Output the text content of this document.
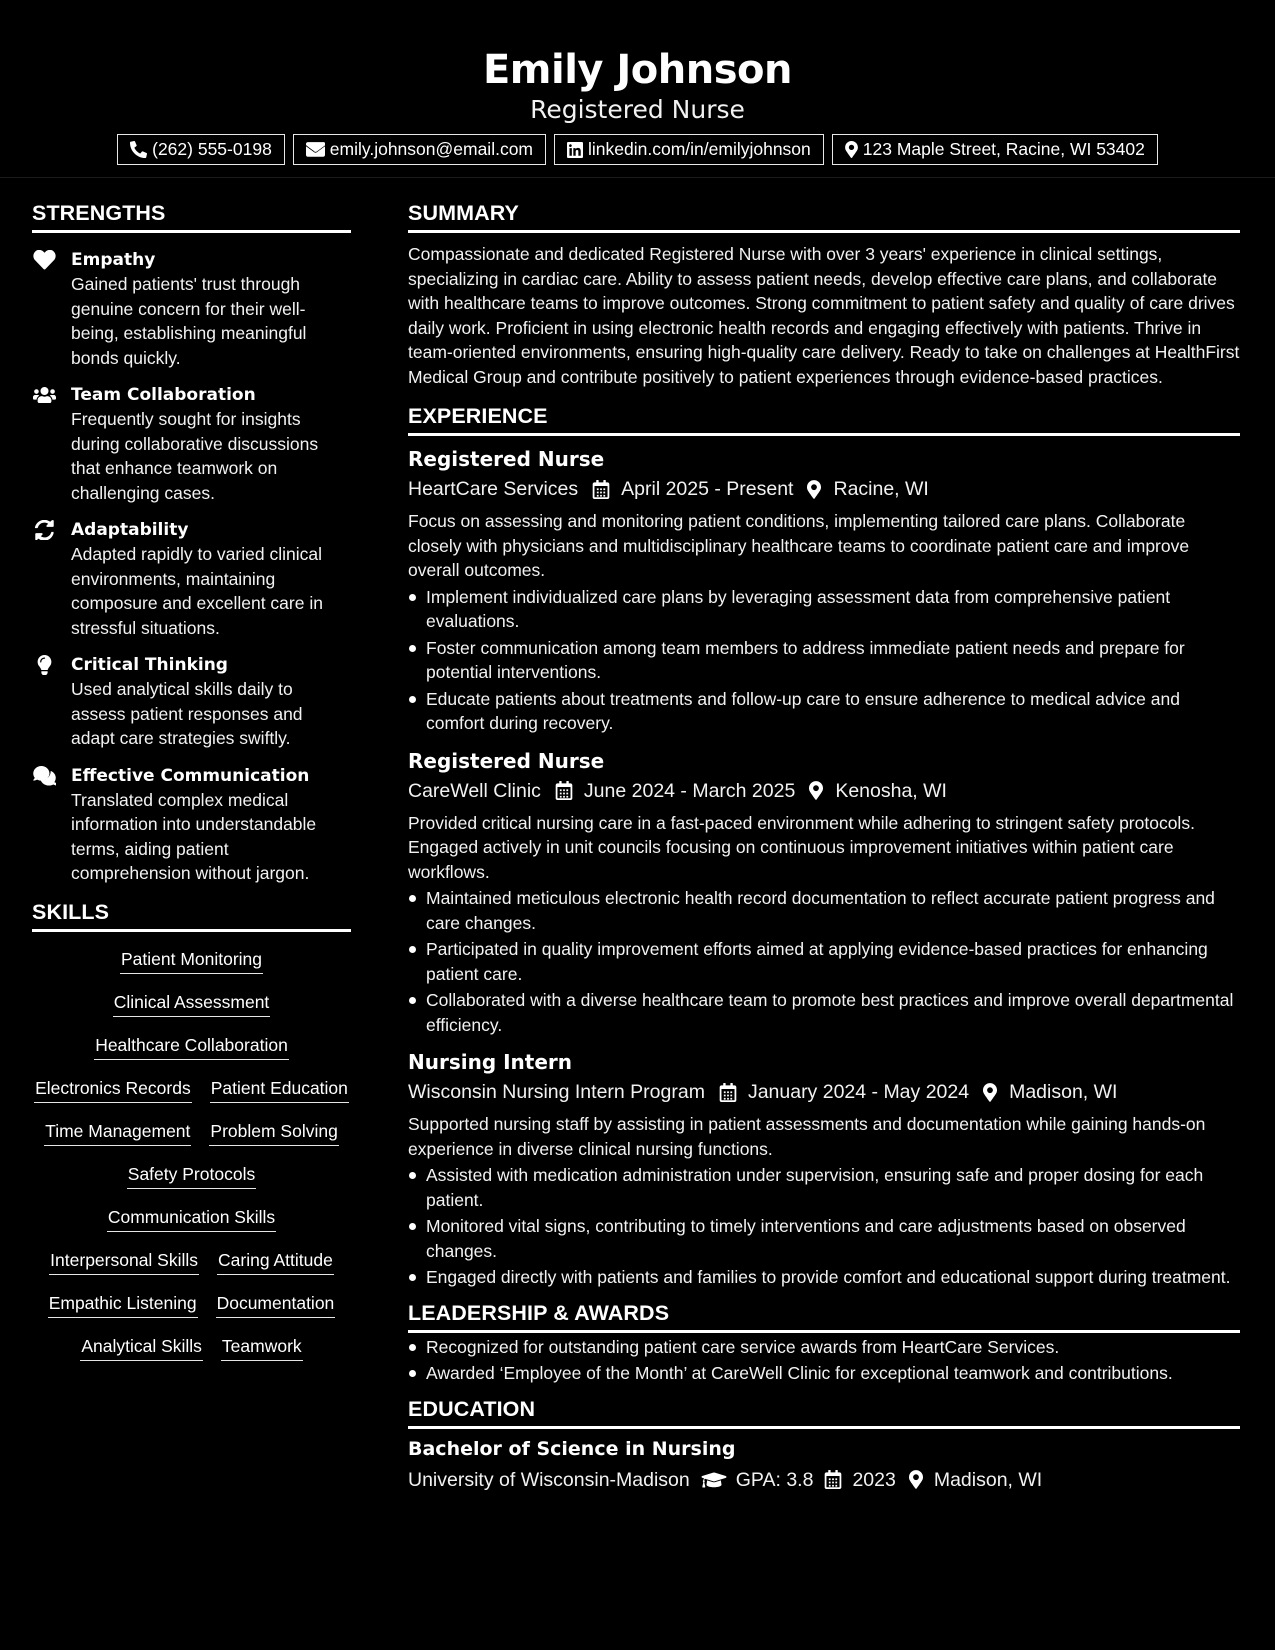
Emily Johnson
Registered Nurse
(262) 555-0198	emily.johnson@email.com	linkedin.com/in/emilyjohnson	123 Maple Street, Racine, WI 53402
STRENGTHS
Empathy
Gained patients' trust through genuine concern for their well-being, establishing meaningful bonds quickly.
Team Collaboration
Frequently sought for insights during collaborative discussions that enhance teamwork on challenging cases.
Adaptability
Adapted rapidly to varied clinical environments, maintaining composure and excellent care in stressful situations.
Critical Thinking
Used analytical skills daily to assess patient responses and adapt care strategies swiftly.
Effective Communication
Translated complex medical information into understandable terms, aiding patient comprehension without jargon.
SKILLS
Patient Monitoring
Clinical Assessment
Healthcare Collaboration
Electronics Records Patient Education
Time Management Problem Solving
Safety Protocols
Communication Skills
Interpersonal Skills Caring Attitude
Empathic Listening Documentation
Analytical Skills Teamwork
SUMMARY
Compassionate and dedicated Registered Nurse with over 3 years' experience in clinical settings, specializing in cardiac care. Ability to assess patient needs, develop effective care plans, and collaborate with healthcare teams to improve outcomes. Strong commitment to patient safety and quality of care drives daily work. Proficient in using electronic health records and engaging effectively with patients. Thrive in team-oriented environments, ensuring high-quality care delivery. Ready to take on challenges at HealthFirst Medical Group and contribute positively to patient experiences through evidence-based practices.
EXPERIENCE
Registered Nurse
HeartCare Services April 2025 - Present Racine, WI
Focus on assessing and monitoring patient conditions, implementing tailored care plans. Collaborate closely with physicians and multidisciplinary healthcare teams to coordinate patient care and improve overall outcomes.
Implement individualized care plans by leveraging assessment data from comprehensive patient evaluations.
Foster communication among team members to address immediate patient needs and prepare for potential interventions.
Educate patients about treatments and follow-up care to ensure adherence to medical advice and comfort during recovery.
Registered Nurse
CareWell Clinic June 2024 - March 2025 Kenosha, WI
Provided critical nursing care in a fast-paced environment while adhering to stringent safety protocols. Engaged actively in unit councils focusing on continuous improvement initiatives within patient care workflows.
Maintained meticulous electronic health record documentation to reflect accurate patient progress and care changes.
Participated in quality improvement efforts aimed at applying evidence-based practices for enhancing patient care.
Collaborated with a diverse healthcare team to promote best practices and improve overall departmental efficiency.
Nursing Intern
Wisconsin Nursing Intern Program January 2024 - May 2024 Madison, WI
Supported nursing staff by assisting in patient assessments and documentation while gaining hands-on experience in diverse clinical nursing functions.
Assisted with medication administration under supervision, ensuring safe and proper dosing for each patient.
Monitored vital signs, contributing to timely interventions and care adjustments based on observed changes.
Engaged directly with patients and families to provide comfort and educational support during treatment.
LEADERSHIP & AWARDS
Recognized for outstanding patient care service awards from HeartCare Services.
Awarded ‘Employee of the Month’ at CareWell Clinic for exceptional teamwork and contributions.
EDUCATION
Bachelor of Science in Nursing
University of Wisconsin-Madison GPA: 3.8 2023 Madison, WI
